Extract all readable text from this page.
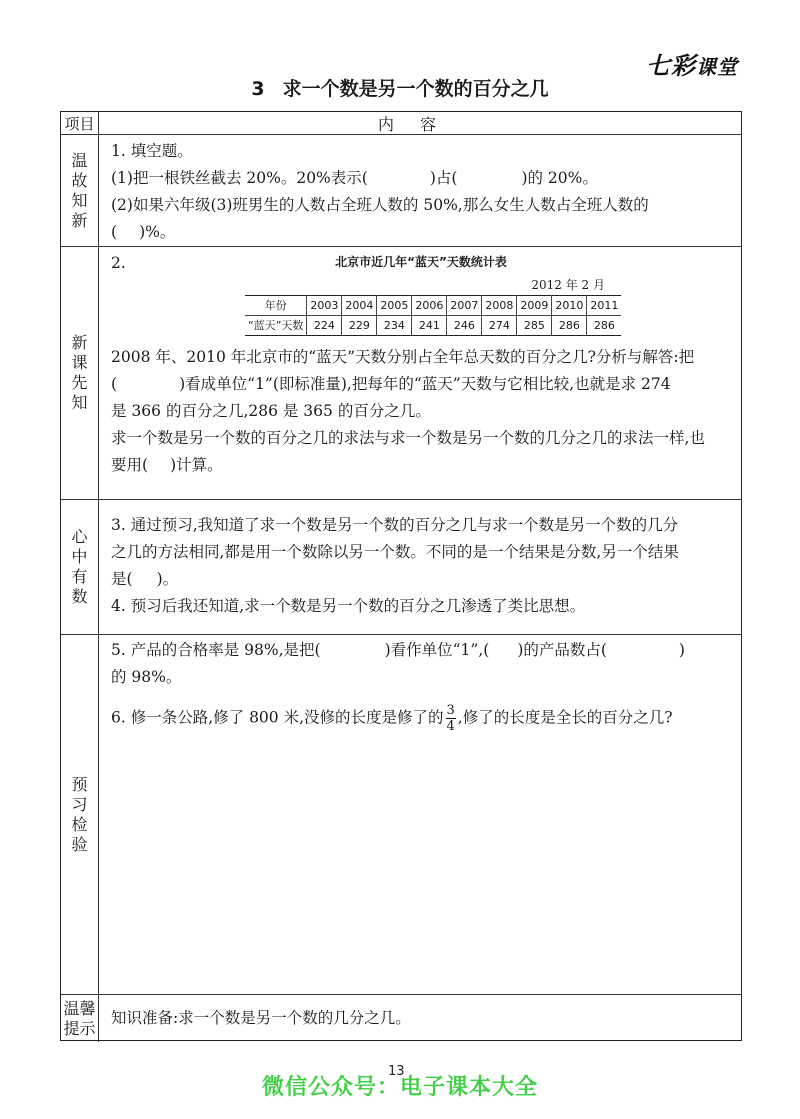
七彩课堂
3 求一个数是另一个数的百分之几
项目	内容
温故知新
1. 填空题。
(1)把一根铁丝截去 20%。20%表示(	)占(	)的 20%。
(2)如果六年级(3)班男生的人数占全班人数的 50%,那么女生人数占全班人数的
( )%。
新课先知
2.	北京市近几年“蓝天”天数统计表
2012 年 2 月
年份	2003	2004	2005	2006	2007	2008	2009	2010	2011
“蓝天”天数	224	229	234	241	246	274	285	286	286
2008 年、2010 年北京市的“蓝天”天数分别占全年总天数的百分之几?分析与解答:把
(	)看成单位“1”(即标准量),把每年的“蓝天”天数与它相比较,也就是求 274
是 366 的百分之几,286 是 365 的百分之几。
求一个数是另一个数的百分之几的求法与求一个数是另一个数的几分之几的求法一样,也
要用( )计算。
心中有数
3. 通过预习,我知道了求一个数是另一个数的百分之几与求一个数是另一个数的几分
之几的方法相同,都是用一个数除以另一个数。不同的是一个结果是分数,另一个结果
是( )。
4. 预习后我还知道,求一个数是另一个数的百分之几渗透了类比思想。
预习检验
5. 产品的合格率是 98%,是把(	)看作单位“1”,( )的产品数占(	)
的 98%。
6. 修一条公路,修了 800 米,没修的长度是修了的 $\frac{3}{4}$ ,修了的长度是全长的百分之几?
温馨提示
知识准备:求一个数是另一个数的几分之几。
13
微信公众号：电子课本大全
